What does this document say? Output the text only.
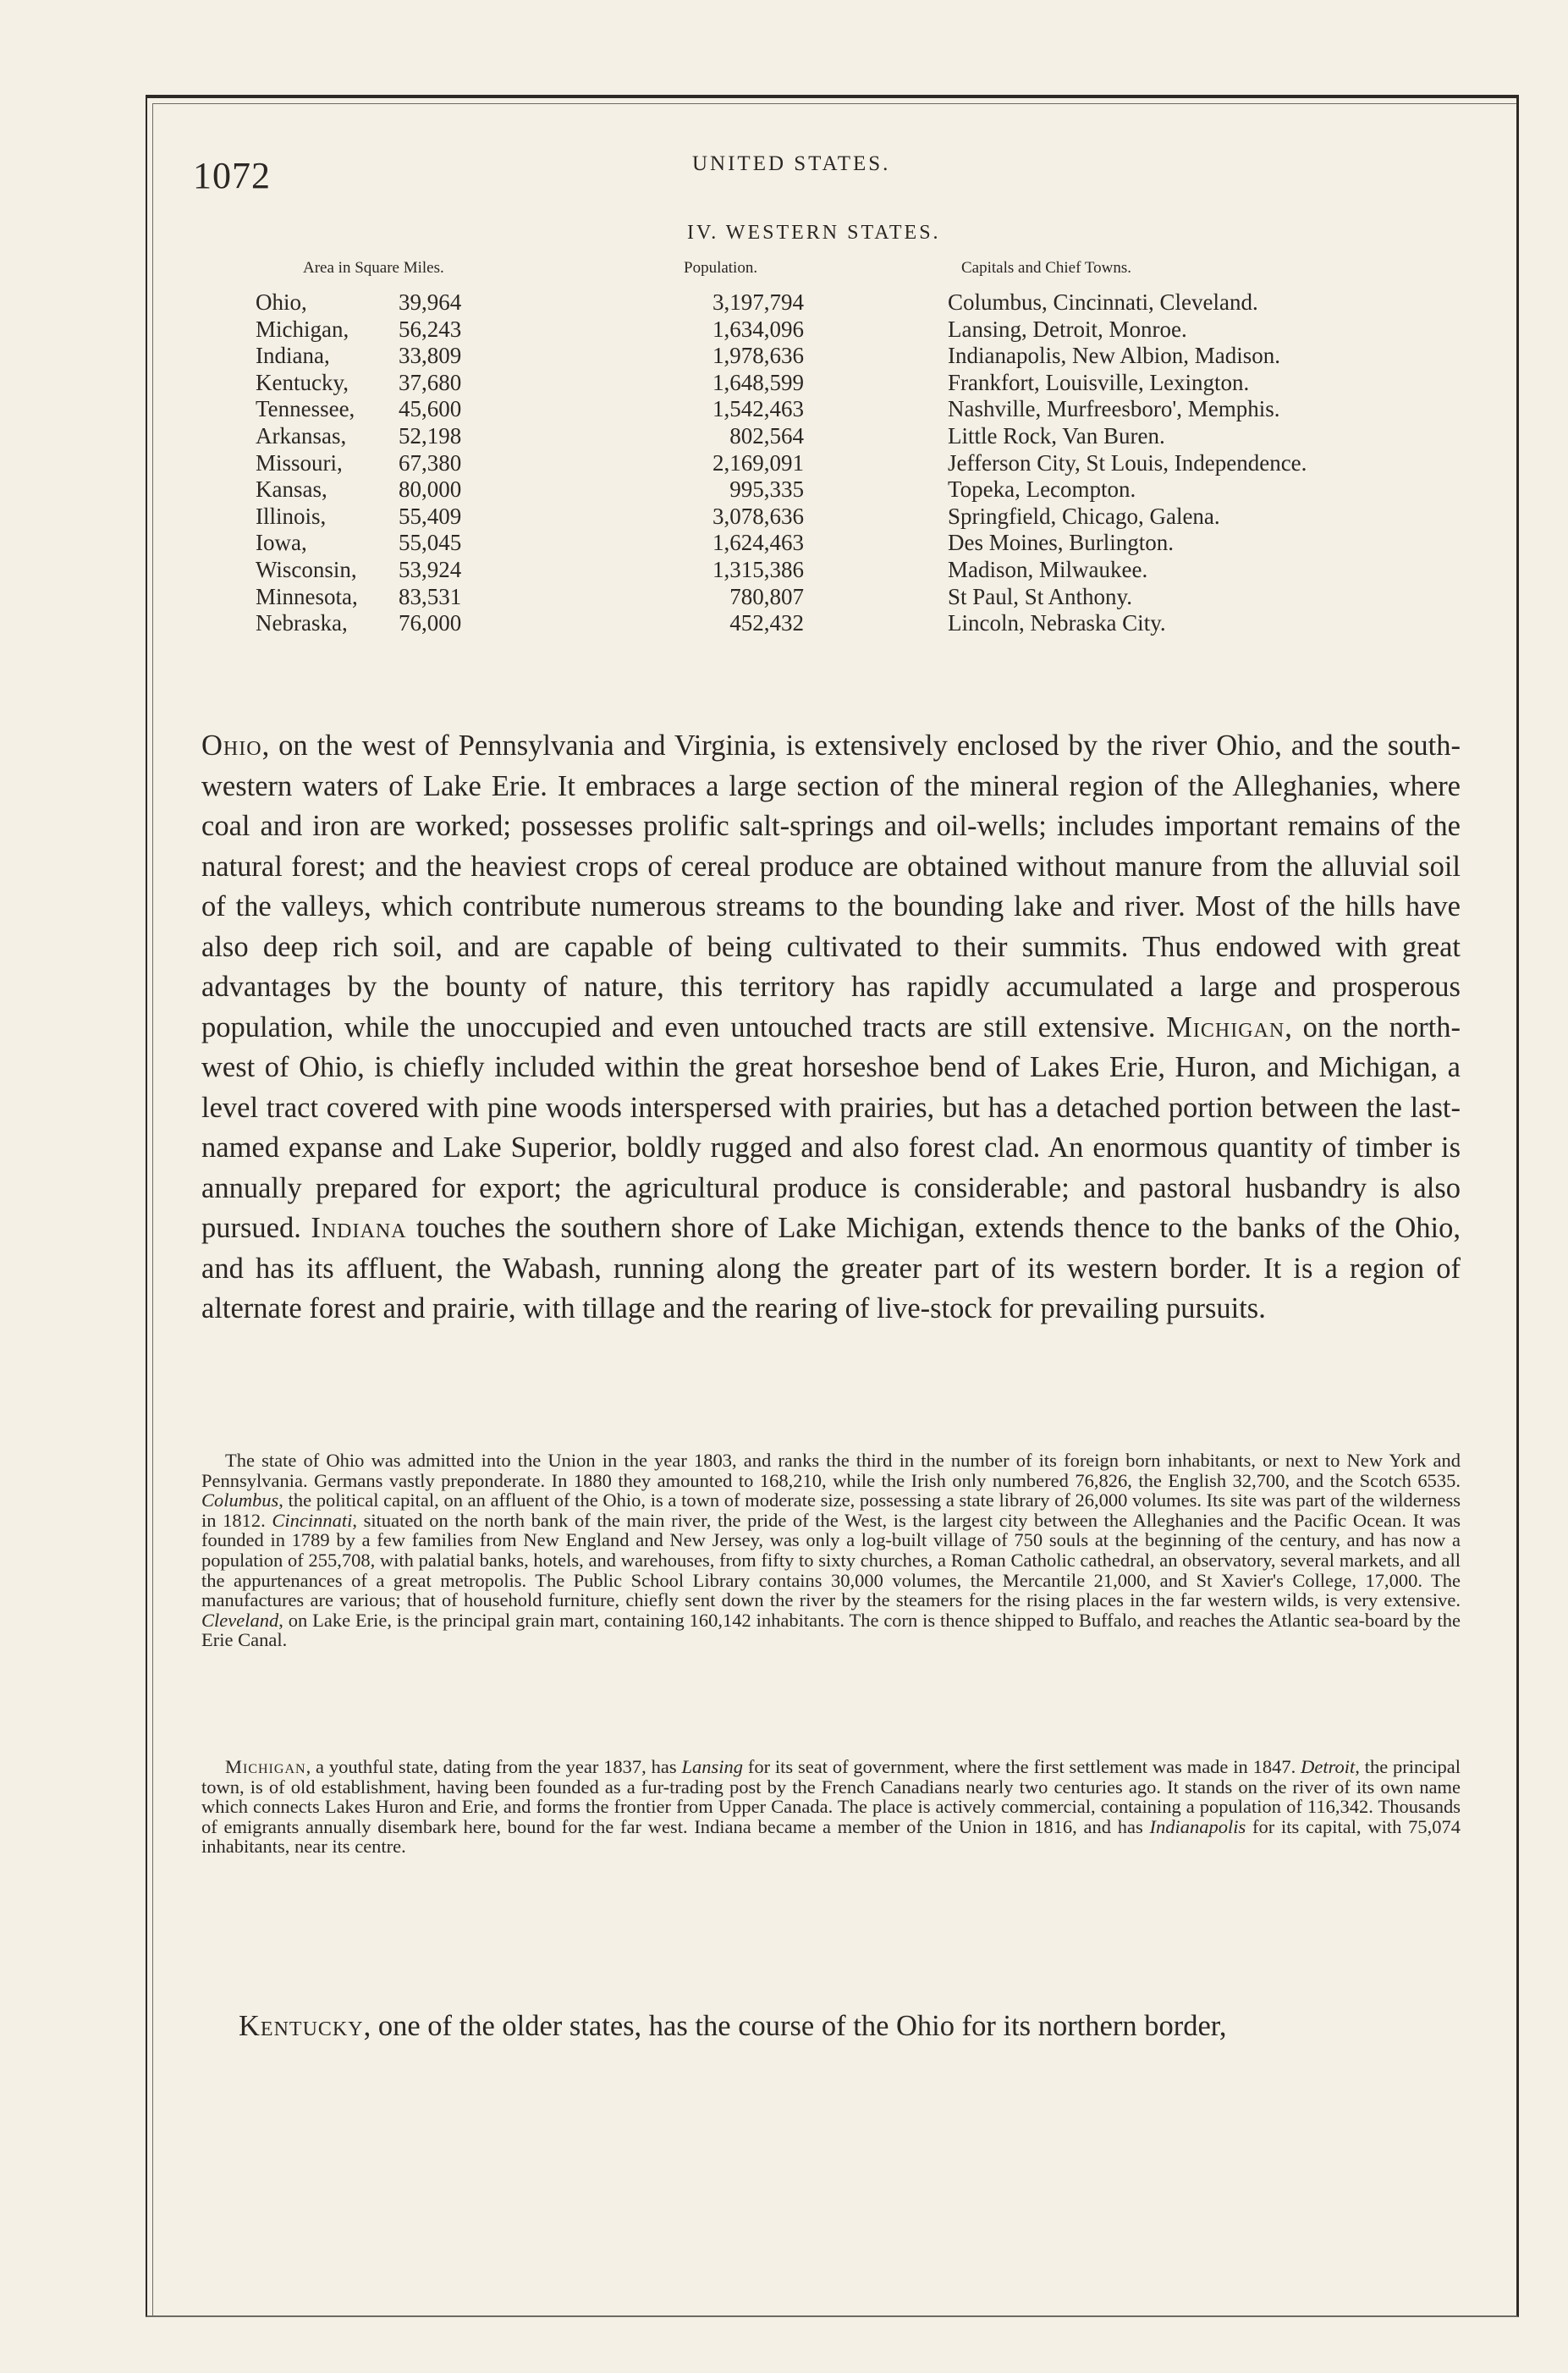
1072	UNITED STATES.
IV. WESTERN STATES.
Area in Square Miles.	Population.	Capitals and Chief Towns.
Ohio,	39,964	3,197,794	Columbus, Cincinnati, Cleveland.
Michigan, 56,243	1,634,096	Lansing, Detroit, Monroe.
Indiana,	33,809	1,978,636	Indianapolis, New Albion, Madison.
Kentucky, 37,680	1,648,599	Frankfort, Louisville, Lexington.
Tennessee, 45,600	1,542,463	Nashville, Murfreesboro', Memphis.
Arkansas, 52,198	802,564	Little Rock, Van Buren.
Missouri, 67,380	2,169,091	Jefferson City, St Louis, Independence.
Kansas,	80,000	995,335	Topeka, Lecompton.
Illinois,	55,409	3,078,636	Springfield, Chicago, Galena.
Iowa,	55,045	1,624,463	Des Moines, Burlington.
Wisconsin, 53,924	1,315,386	Madison, Milwaukee.
Minnesota, 83,531	780,807	St Paul, St Anthony.
Nebraska, 76,000	452,432	Lincoln, Nebraska City.
Ohio, on the west of Pennsylvania and Virginia, is extensively enclosed by the river Ohio, and the south-western waters of Lake Erie. It embraces a large section of the mineral region of the Alleghanies, where coal and iron are worked; possesses prolific salt-springs and oil-wells; includes important remains of the natural forest; and the heaviest crops of cereal produce are obtained without manure from the alluvial soil of the valleys, which contribute numerous streams to the bounding lake and river. Most of the hills have also deep rich soil, and are capable of being cultivated to their summits. Thus endowed with great advantages by the bounty of nature, this territory has rapidly accumulated a large and prosperous population, while the unoccupied and even untouched tracts are still extensive. Michigan, on the north-west of Ohio, is chiefly included within the great horseshoe bend of Lakes Erie, Huron, and Michigan, a level tract covered with pine woods interspersed with prairies, but has a detached portion between the last-named expanse and Lake Superior, boldly rugged and also forest clad. An enormous quantity of timber is annually prepared for export; the agricultural produce is considerable; and pastoral husbandry is also pursued. Indiana touches the southern shore of Lake Michigan, extends thence to the banks of the Ohio, and has its affluent, the Wabash, running along the greater part of its western border. It is a region of alternate forest and prairie, with tillage and the rearing of live-stock for prevailing pursuits.
The state of Ohio was admitted into the Union in the year 1803, and ranks the third in the number of its foreign born inhabitants, or next to New York and Pennsylvania. Germans vastly preponderate. In 1880 they amounted to 168,210, while the Irish only numbered 76,826, the English 32,700, and the Scotch 6535. Columbus, the political capital, on an affluent of the Ohio, is a town of moderate size, possessing a state library of 26,000 volumes. Its site was part of the wilderness in 1812. Cincinnati, situated on the north bank of the main river, the pride of the West, is the largest city between the Alleghanies and the Pacific Ocean. It was founded in 1789 by a few families from New England and New Jersey, was only a log-built village of 750 souls at the beginning of the century, and has now a population of 255,708, with palatial banks, hotels, and warehouses, from fifty to sixty churches, a Roman Catholic cathedral, an observatory, several markets, and all the appurtenances of a great metropolis. The Public School Library contains 30,000 volumes, the Mercantile 21,000, and St Xavier's College, 17,000. The manufactures are various; that of household furniture, chiefly sent down the river by the steamers for the rising places in the far western wilds, is very extensive. Cleveland, on Lake Erie, is the principal grain mart, containing 160,142 inhabitants. The corn is thence shipped to Buffalo, and reaches the Atlantic sea-board by the Erie Canal.
Michigan, a youthful state, dating from the year 1837, has Lansing for its seat of government, where the first settlement was made in 1847. Detroit, the principal town, is of old establishment, having been founded as a fur-trading post by the French Canadians nearly two centuries ago. It stands on the river of its own name which connects Lakes Huron and Erie, and forms the frontier from Upper Canada. The place is actively commercial, containing a population of 116,342. Thousands of emigrants annually disembark here, bound for the far west. Indiana became a member of the Union in 1816, and has Indianapolis for its capital, with 75,074 inhabitants, near its centre.
Kentucky, one of the older states, has the course of the Ohio for its northern border,
